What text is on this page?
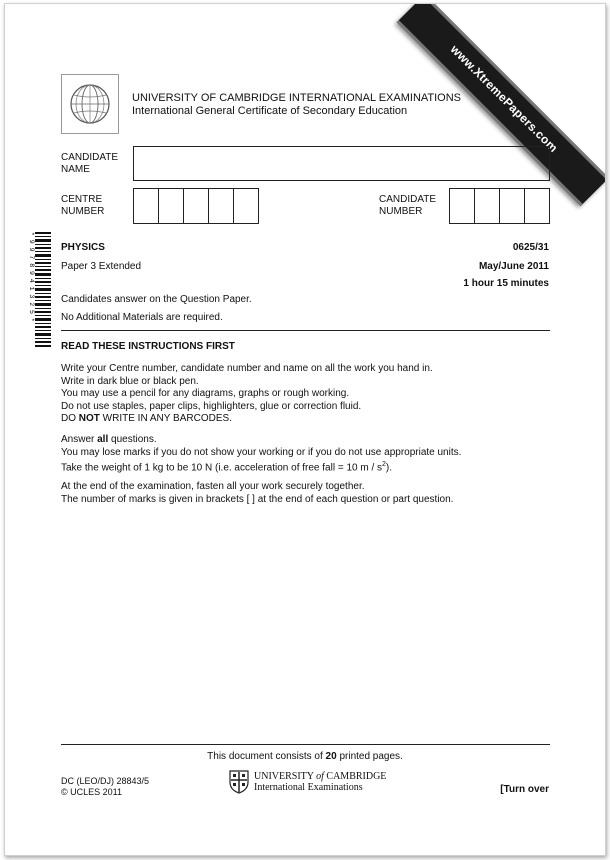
www.XtremePapers.com
UNIVERSITY OF CAMBRIDGE INTERNATIONAL EXAMINATIONS
International General Certificate of Secondary Education
CANDIDATE
NAME
CENTRE
NUMBER
CANDIDATE
NUMBER
* 9 9 7 8 9 4 1 3 2 5 *	PHYSICS	0625/31
Paper 3 Extended	May/June 2011
1 hour 15 minutes
Candidates answer on the Question Paper.
No Additional Materials are required.
READ THESE INSTRUCTIONS FIRST
Write your Centre number, candidate number and name on all the work you hand in.
Write in dark blue or black pen.
You may use a pencil for any diagrams, graphs or rough working.
Do not use staples, paper clips, highlighters, glue or correction fluid.
DO NOT WRITE IN ANY BARCODES.
Answer all questions.
You may lose marks if you do not show your working or if you do not use appropriate units.
Take the weight of 1 kg to be 10 N (i.e. acceleration of free fall = 10 m / $s^2$).
At the end of the examination, fasten all your work securely together.
The number of marks is given in brackets [ ] at the end of each question or part question.
This document consists of 20 printed pages.
DC (LEO/DJ) 28843/5
© UCLES 2011
UNIVERSITY of CAMBRIDGE
International Examinations	[Turn over
